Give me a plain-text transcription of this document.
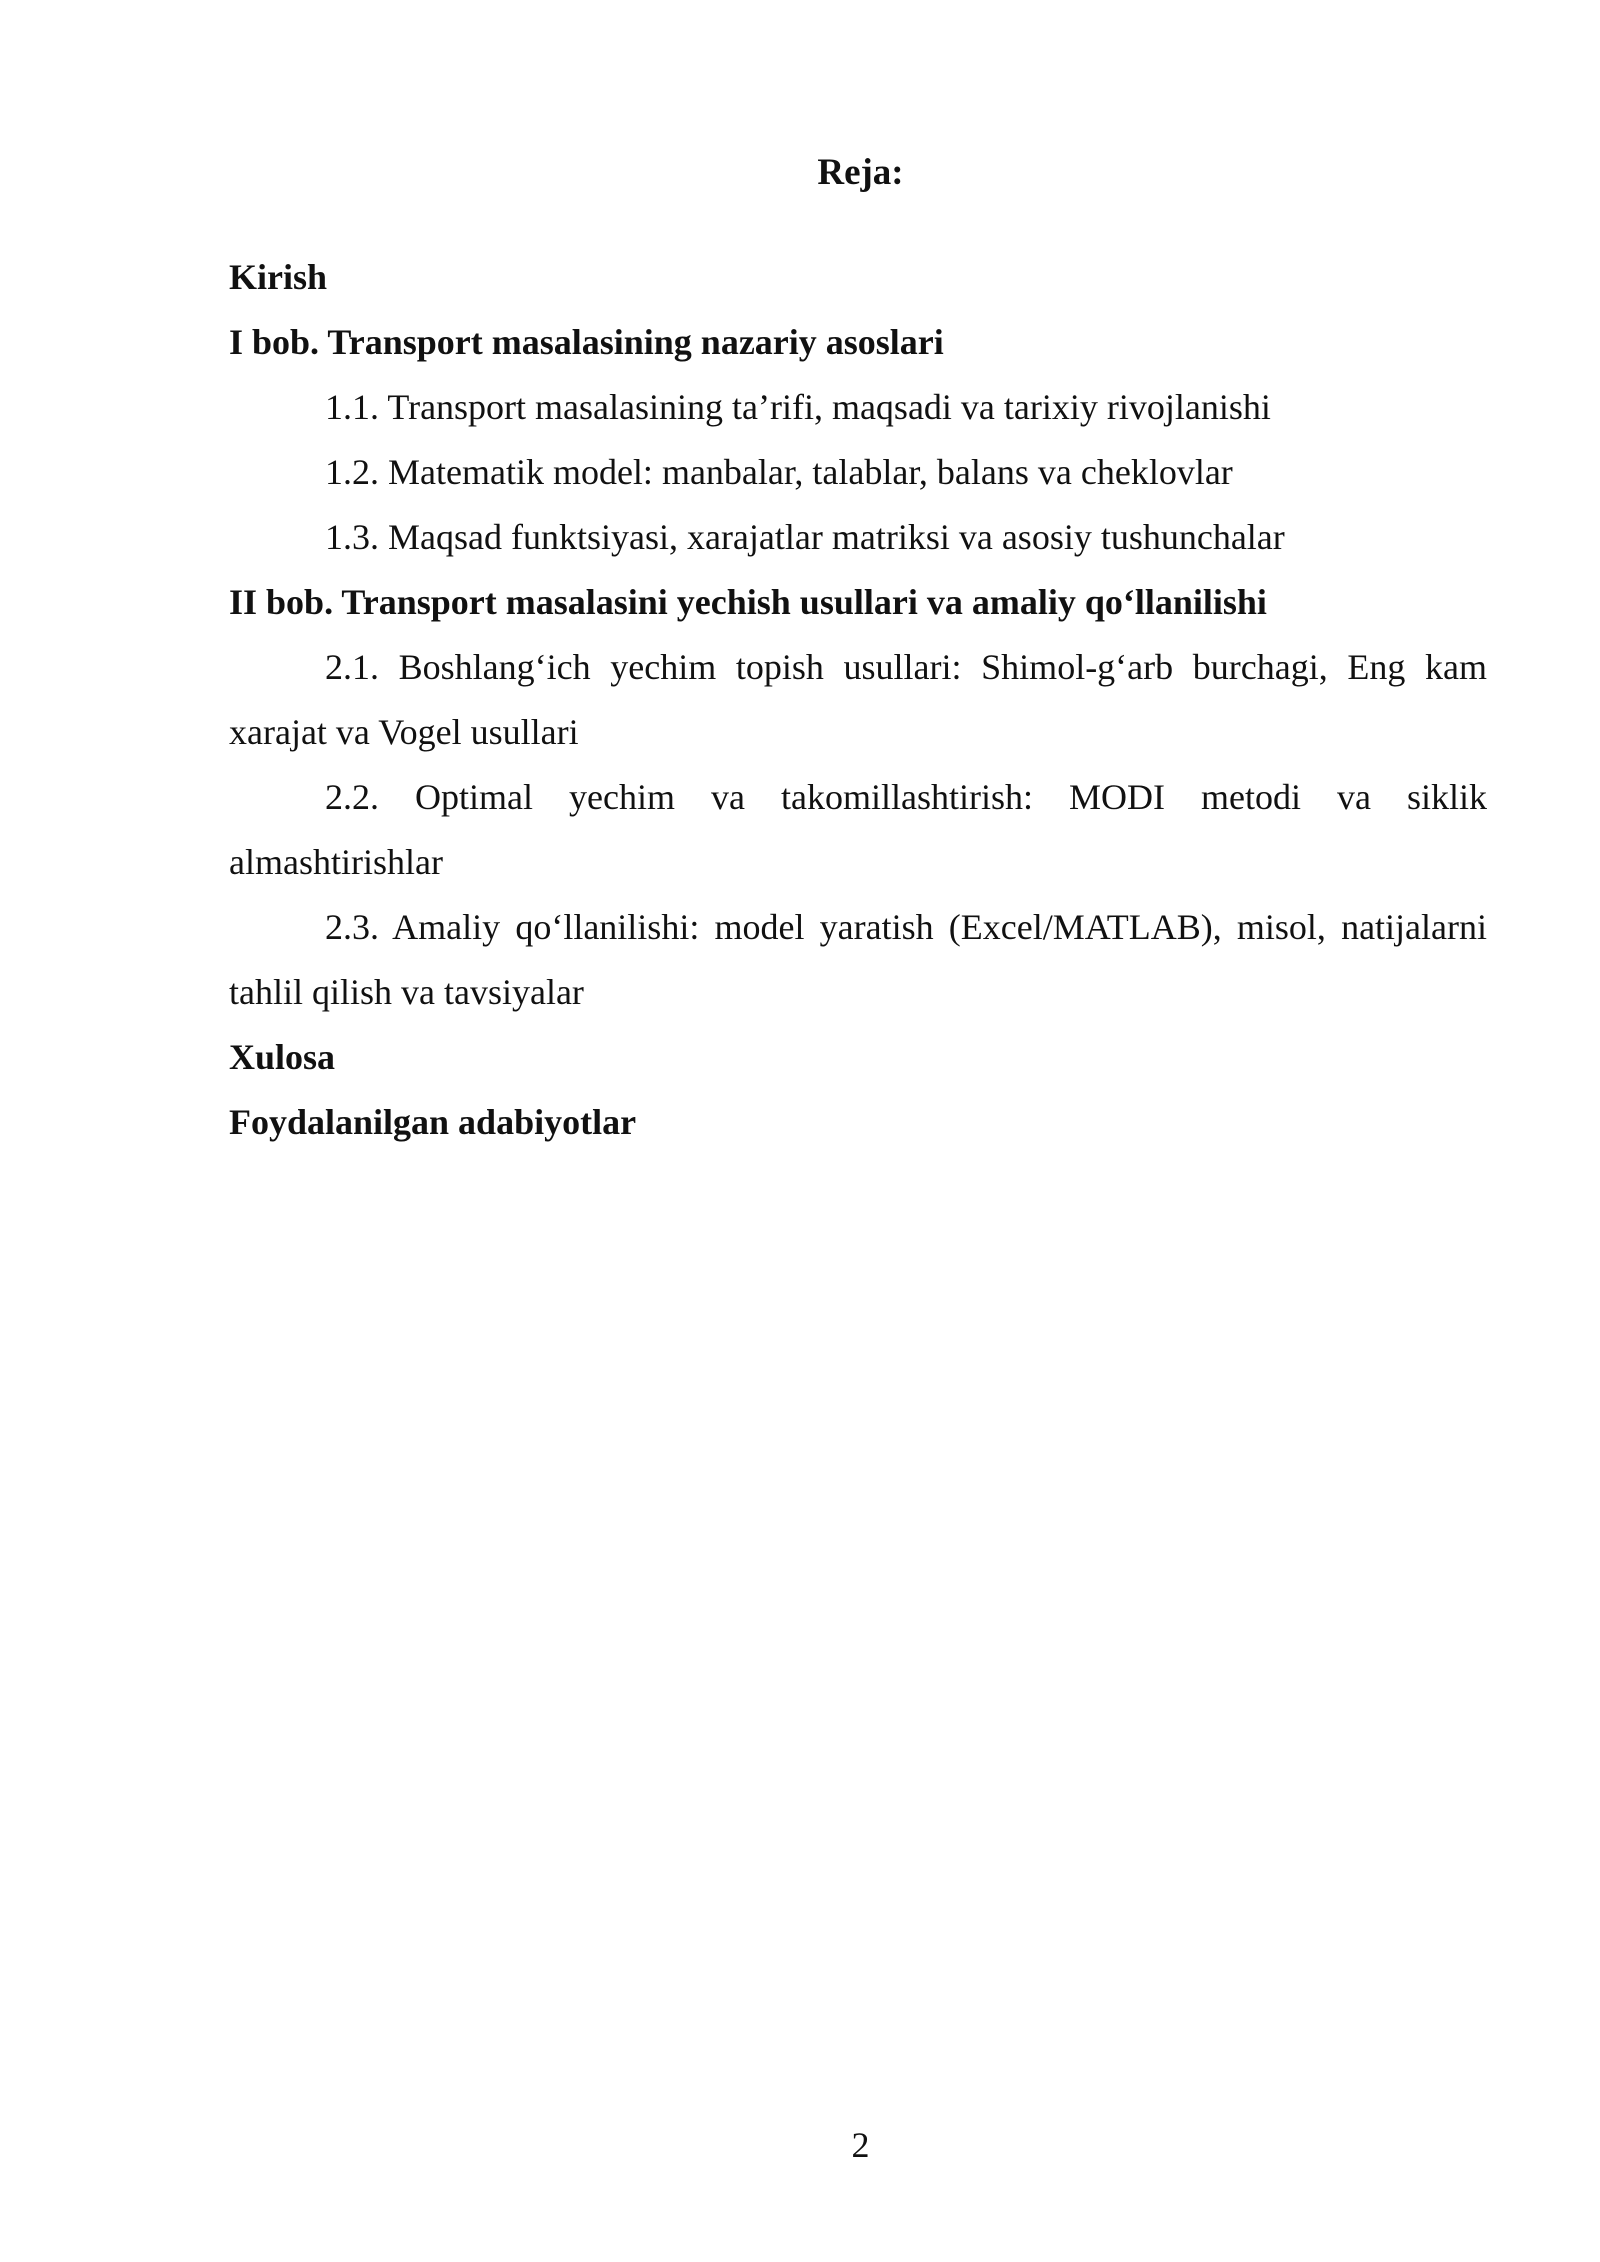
Reja:

Kirish

I bob. Transport masalasining nazariy asoslari

1.1. Transport masalasining ta’rifi, maqsadi va tarixiy rivojlanishi

1.2. Matematik model: manbalar, talablar, balans va cheklovlar

1.3. Maqsad funktsiyasi, xarajatlar matriksi va asosiy tushunchalar

II bob. Transport masalasini yechish usullari va amaliy qo‘llanilishi

2.1. Boshlang‘ich yechim topish usullari: Shimol-g‘arb burchagi, Eng kam xarajat va Vogel usullari

2.2. Optimal yechim va takomillashtirish: MODI metodi va siklik almashtirishlar

2.3. Amaliy qo‘llanilishi: model yaratish (Excel/MATLAB), misol, natijalarni tahlil qilish va tavsiyalar

Xulosa

Foydalanilgan adabiyotlar

2
